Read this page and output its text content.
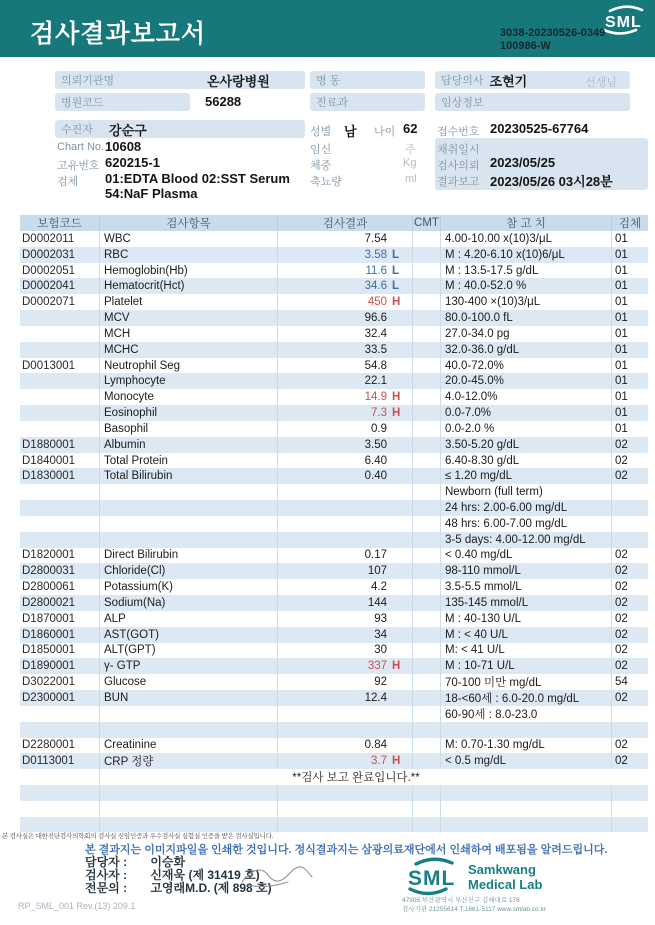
검사결과보고서	SML
3038-20230526-0349
100986-W
의뢰기관명	온사랑병원
병원코드	56288
병 동
진료과
담당의사 조현기	선생님
임상정보
수진자	강순구
Chart No. 10608
고유번호 620215-1
검체 01:EDTA Blood 02:SST Serum 54:NaF Plasma
성별 남 나이 62
임신	주
체중	Kg
축뇨량	ml
접수번호 20230525-67764
채취일시
검사의뢰 2023/05/25
결과보고 2023/05/26 03시28분
보험코드	검사항목	검사결과	CMT	참 고 치	검체
D0002011	WBC	7.54	4.00-10.00 x(10)3/μL	01
D0002031	RBC	3.58 L	M : 4.20-6.10 x(10)6/μL	01
D0002051	Hemoglobin(Hb)	11.6 L	M : 13.5-17.5 g/dL	01
D0002041	Hematocrit(Hct)	34.6 L	M : 40.0-52.0 %	01
D0002071	Platelet	450 H	130-400 ×(10)3/μL	01
MCV	96.6	80.0-100.0 fL	01
MCH	32.4	27.0-34.0 pg	01
MCHC	33.5	32.0-36.0 g/dL	01
D0013001	Neutrophil Seg	54.8	40.0-72.0%	01
Lymphocyte	22.1	20.0-45.0%	01
Monocyte	14.9 H	4.0-12.0%	01
Eosinophil	7.3 H	0.0-7.0%	01
Basophil	0.9	0.0-2.0 %	01
D1880001	Albumin	3.50	3.50-5.20 g/dL	02
D1840001	Total Protein	6.40	6.40-8.30 g/dL	02
D1830001	Total Bilirubin	0.40	≤ 1.20 mg/dL	02
Newborn (full term)
24 hrs: 2.00-6.00 mg/dL
48 hrs: 6.00-7.00 mg/dL
3-5 days: 4.00-12.00 mg/dL
D1820001	Direct Bilirubin	0.17	< 0.40 mg/dL	02
D2800031	Chloride(Cl)	107	98-110 mmol/L	02
D2800061	Potassium(K)	4.2	3.5-5.5 mmol/L	02
D2800021	Sodium(Na)	144	135-145 mmol/L	02
D1870001	ALP	93	M : 40-130 U/L	02
D1860001	AST(GOT)	34	M : < 40 U/L	02
D1850001	ALT(GPT)	30	M: < 41 U/L	02
D1890001	γ- GTP	337 H	M : 10-71 U/L	02
D3022001	Glucose	92	70-100 미만 mg/dL	54
D2300001	BUN	12.4	18-<60세 : 6.0-20.0 mg/dL	02
60-90세 : 8.0-23.0
D2280001	Creatinine	0.84	M: 0.70-1.30 mg/dL	02
D0113001	CRP 정량	3.7 H	< 0.5 mg/dL	02
**검사 보고 완료입니다.**
본 검사실은 대한진단검사의학회의 검사실 신임인증과 우수검사실 실험실 인증을 받은 검사실입니다.
본 결과지는 이미지파일을 인쇄한 것입니다. 정식결과지는 삼광의료재단에서 인쇄하여 배포됨을 알려드립니다.
담당자 : 이승화
검사자 : 신재욱 (제 31419 호)
전문의 : 고영래M.D. (제 898 호)
RP_SML_001 Rev.(13) 209.1
SML Samkwang
Medical Lab
47305 부산광역시 부산진구 김해대로 178
검사기관 21255614 T.1661-5117 www.smlab.co.kr
